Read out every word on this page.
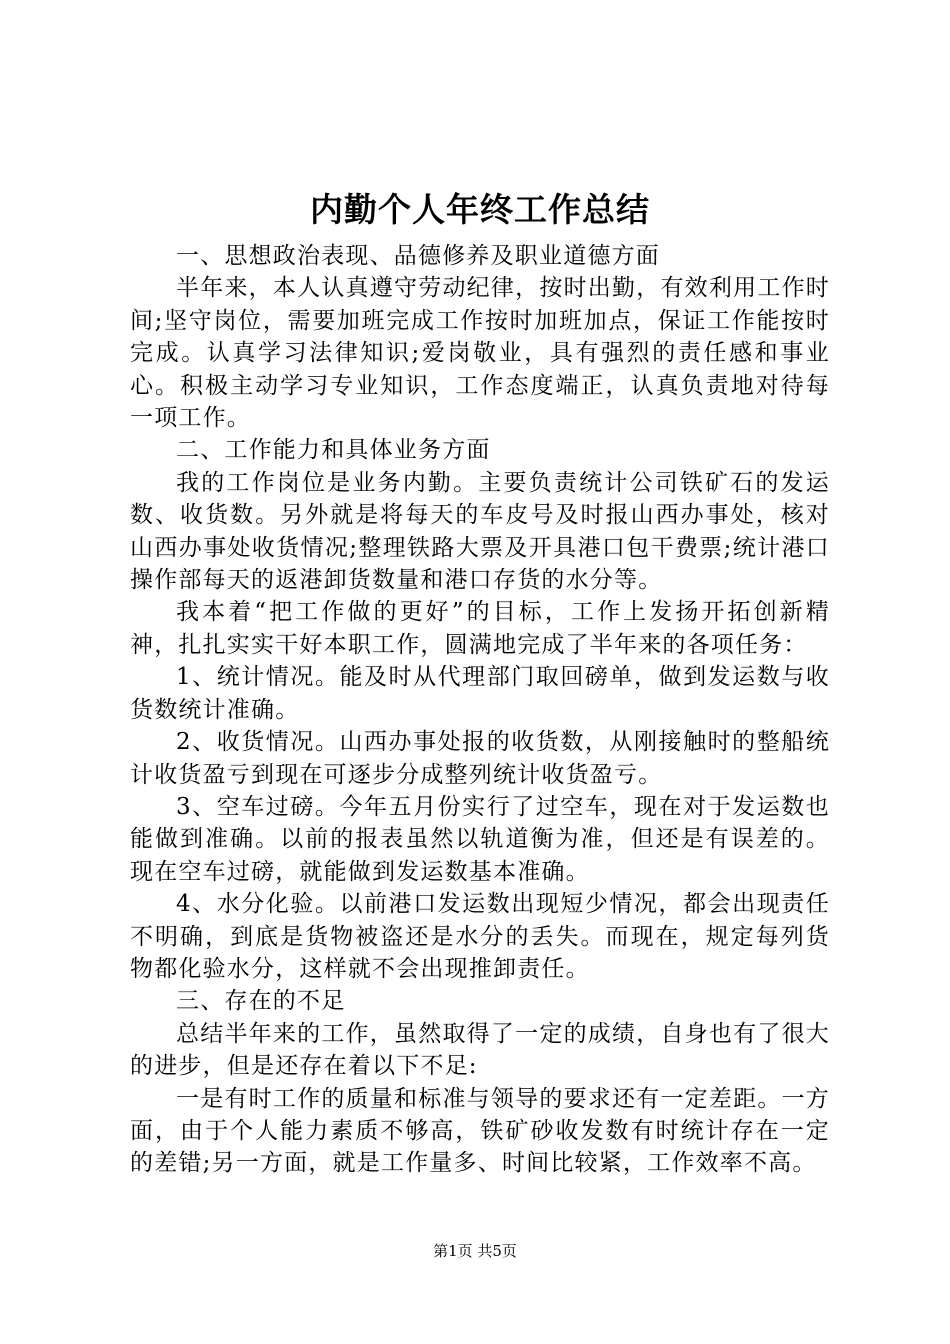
内勤个人年终工作总结

一、思想政治表现、品德修养及职业道德方面

半年来，本人认真遵守劳动纪律，按时出勤，有效利用工作时间;坚守岗位，需要加班完成工作按时加班加点，保证工作能按时完成。认真学习法律知识;爱岗敬业，具有强烈的责任感和事业心。积极主动学习专业知识，工作态度端正，认真负责地对待每一项工作。

二、工作能力和具体业务方面

我的工作岗位是业务内勤。主要负责统计公司铁矿石的发运数、收货数。另外就是将每天的车皮号及时报山西办事处，核对山西办事处收货情况;整理铁路大票及开具港口包干费票;统计港口操作部每天的返港卸货数量和港口存货的水分等。

我本着“把工作做的更好”的目标，工作上发扬开拓创新精神，扎扎实实干好本职工作，圆满地完成了半年来的各项任务：

1、统计情况。能及时从代理部门取回磅单，做到发运数与收货数统计准确。

2、收货情况。山西办事处报的收货数，从刚接触时的整船统计收货盈亏到现在可逐步分成整列统计收货盈亏。

3、空车过磅。今年五月份实行了过空车，现在对于发运数也能做到准确。以前的报表虽然以轨道衡为准，但还是有误差的。现在空车过磅，就能做到发运数基本准确。

4、水分化验。以前港口发运数出现短少情况，都会出现责任不明确，到底是货物被盗还是水分的丢失。而现在，规定每列货物都化验水分，这样就不会出现推卸责任。

三、存在的不足

总结半年来的工作，虽然取得了一定的成绩，自身也有了很大的进步，但是还存在着以下不足:

一是有时工作的质量和标准与领导的要求还有一定差距。一方面，由于个人能力素质不够高，铁矿砂收发数有时统计存在一定的差错;另一方面，就是工作量多、时间比较紧，工作效率不高。

第1页 共5页
